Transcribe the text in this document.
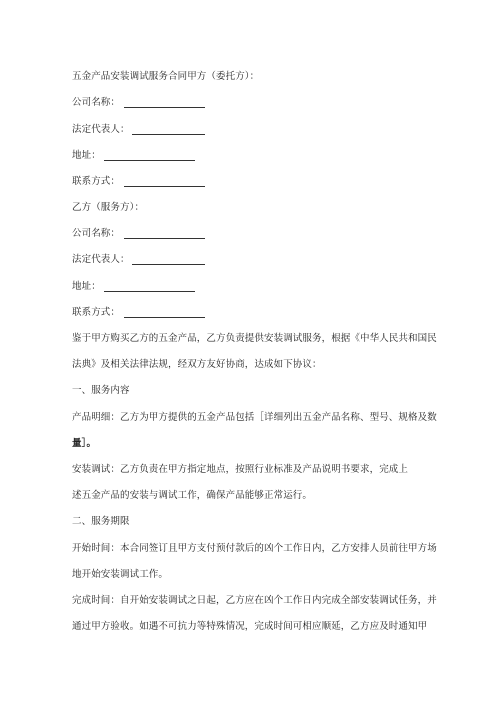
五金产品安装调试服务合同甲方（委托方）：
公司名称：
法定代表人：
地址：
联系方式：
乙方（服务方）：
公司名称：
法定代表人：
地址：
联系方式：
鉴于甲方购买乙方的五金产品，乙方负责提供安装调试服务，根据《中华人民共和国民
法典》及相关法律法规，经双方友好协商，达成如下协议：
一、服务内容
产品明细：乙方为甲方提供的五金产品包括［详细列出五金产品名称、型号、规格及数
量］。
安装调试：乙方负责在甲方指定地点，按照行业标准及产品说明书要求，完成上
述五金产品的安装与调试工作，确保产品能够正常运行。
二、服务期限
开始时间：本合同签订且甲方支付预付款后的凶个工作日内，乙方安排人员前往甲方场
地开始安装调试工作。
完成时间：自开始安装调试之日起，乙方应在凶个工作日内完成全部安装调试任务，并
通过甲方验收。如遇不可抗力等特殊情况，完成时间可相应顺延，乙方应及时通知甲
